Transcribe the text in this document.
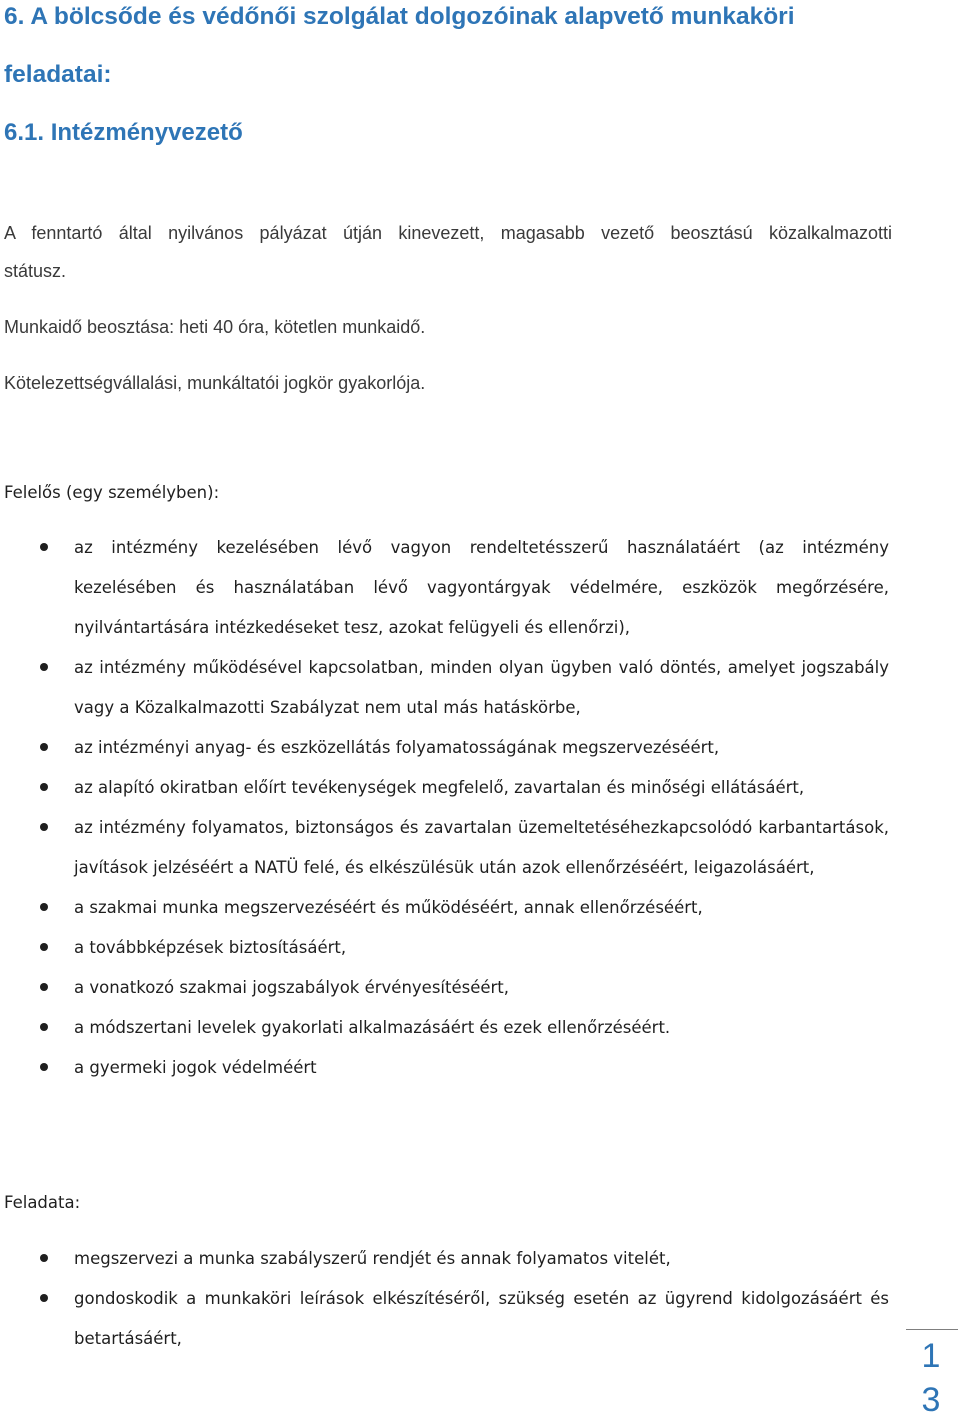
6. A bölcsőde és védőnői szolgálat dolgozóinak alapvető munkaköri
feladatai:
6.1. Intézményvezető
A fenntartó által nyilvános pályázat útján kinevezett, magasabb vezető beosztású közalkalmazotti
státusz.
Munkaidő beosztása: heti 40 óra, kötetlen munkaidő.
Kötelezettségvállalási, munkáltatói jogkör gyakorlója.
Felelős (egy személyben):
az intézmény kezelésében lévő vagyon rendeltetésszerű használatáért (az intézmény kezelésében és használatában lévő vagyontárgyak védelmére, eszközök megőrzésére, nyilvántartására intézkedéseket tesz, azokat felügyeli és ellenőrzi),
az intézmény működésével kapcsolatban, minden olyan ügyben való döntés, amelyet jogszabály vagy a Közalkalmazotti Szabályzat nem utal más hatáskörbe,
az intézményi anyag- és eszközellátás folyamatosságának megszervezéséért,
az alapító okiratban előírt tevékenységek megfelelő, zavartalan és minőségi ellátásáért,
az intézmény folyamatos, biztonságos és zavartalan üzemeltetéséhezkapcsolódó karbantartások, javítások jelzéséért a NATÜ felé, és elkészülésük után azok ellenőrzéséért, leigazolásáért,
a szakmai munka megszervezéséért és működéséért, annak ellenőrzéséért,
a továbbképzések biztosításáért,
a vonatkozó szakmai jogszabályok érvényesítéséért,
a módszertani levelek gyakorlati alkalmazásáért és ezek ellenőrzéséért.
a gyermeki jogok védelméért
Feladata:
megszervezi a munka szabályszerű rendjét és annak folyamatos vitelét,
gondoskodik a munkaköri leírások elkészítéséről, szükség esetén az ügyrend kidolgozásáért és betartásáért,	1
3
